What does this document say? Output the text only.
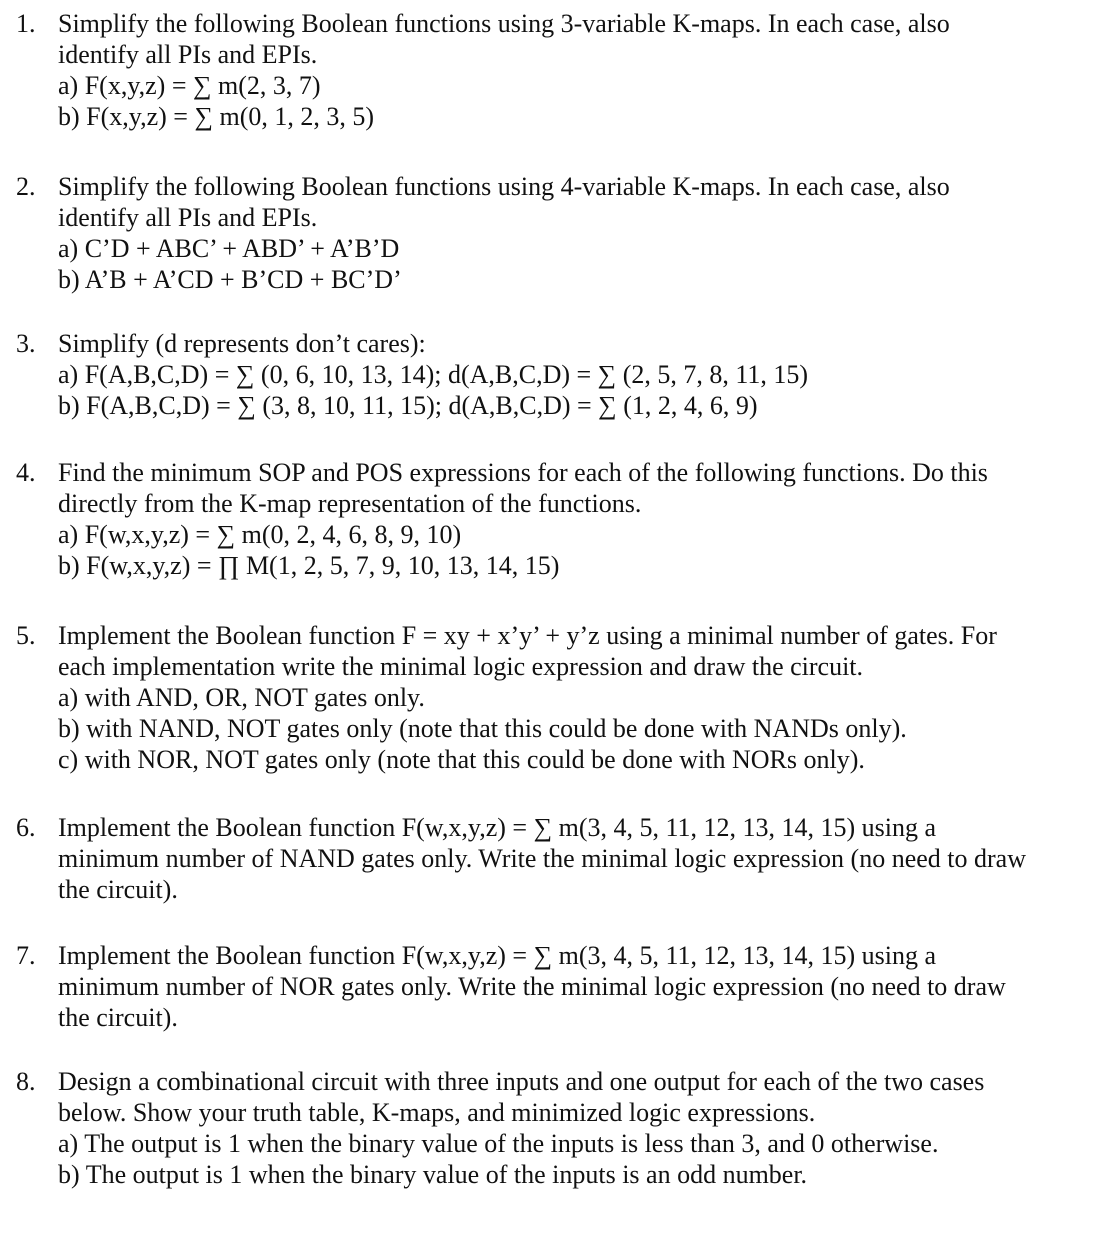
1. Simplify the following Boolean functions using 3-variable K-maps. In each case, also
identify all PIs and EPIs.
a) F(x,y,z) = ∑ m(2, 3, 7)
b) F(x,y,z) = ∑ m(0, 1, 2, 3, 5)
2. Simplify the following Boolean functions using 4-variable K-maps. In each case, also
identify all PIs and EPIs.
a) C’D + ABC’ + ABD’ + A’B’D
b) A’B + A’CD + B’CD + BC’D’
3. Simplify (d represents don’t cares):
a) F(A,B,C,D) = ∑ (0, 6, 10, 13, 14); d(A,B,C,D) = ∑ (2, 5, 7, 8, 11, 15)
b) F(A,B,C,D) = ∑ (3, 8, 10, 11, 15); d(A,B,C,D) = ∑ (1, 2, 4, 6, 9)
4. Find the minimum SOP and POS expressions for each of the following functions. Do this
directly from the K-map representation of the functions.
a) F(w,x,y,z) = ∑ m(0, 2, 4, 6, 8, 9, 10)
b) F(w,x,y,z) = ∏ M(1, 2, 5, 7, 9, 10, 13, 14, 15)
5. Implement the Boolean function F = xy + x’y’ + y’z using a minimal number of gates. For
each implementation write the minimal logic expression and draw the circuit.
a) with AND, OR, NOT gates only.
b) with NAND, NOT gates only (note that this could be done with NANDs only).
c) with NOR, NOT gates only (note that this could be done with NORs only).
6. Implement the Boolean function F(w,x,y,z) = ∑ m(3, 4, 5, 11, 12, 13, 14, 15) using a
minimum number of NAND gates only. Write the minimal logic expression (no need to draw
the circuit).
7. Implement the Boolean function F(w,x,y,z) = ∑ m(3, 4, 5, 11, 12, 13, 14, 15) using a
minimum number of NOR gates only. Write the minimal logic expression (no need to draw
the circuit).
8. Design a combinational circuit with three inputs and one output for each of the two cases
below. Show your truth table, K-maps, and minimized logic expressions.
a) The output is 1 when the binary value of the inputs is less than 3, and 0 otherwise.
b) The output is 1 when the binary value of the inputs is an odd number.
